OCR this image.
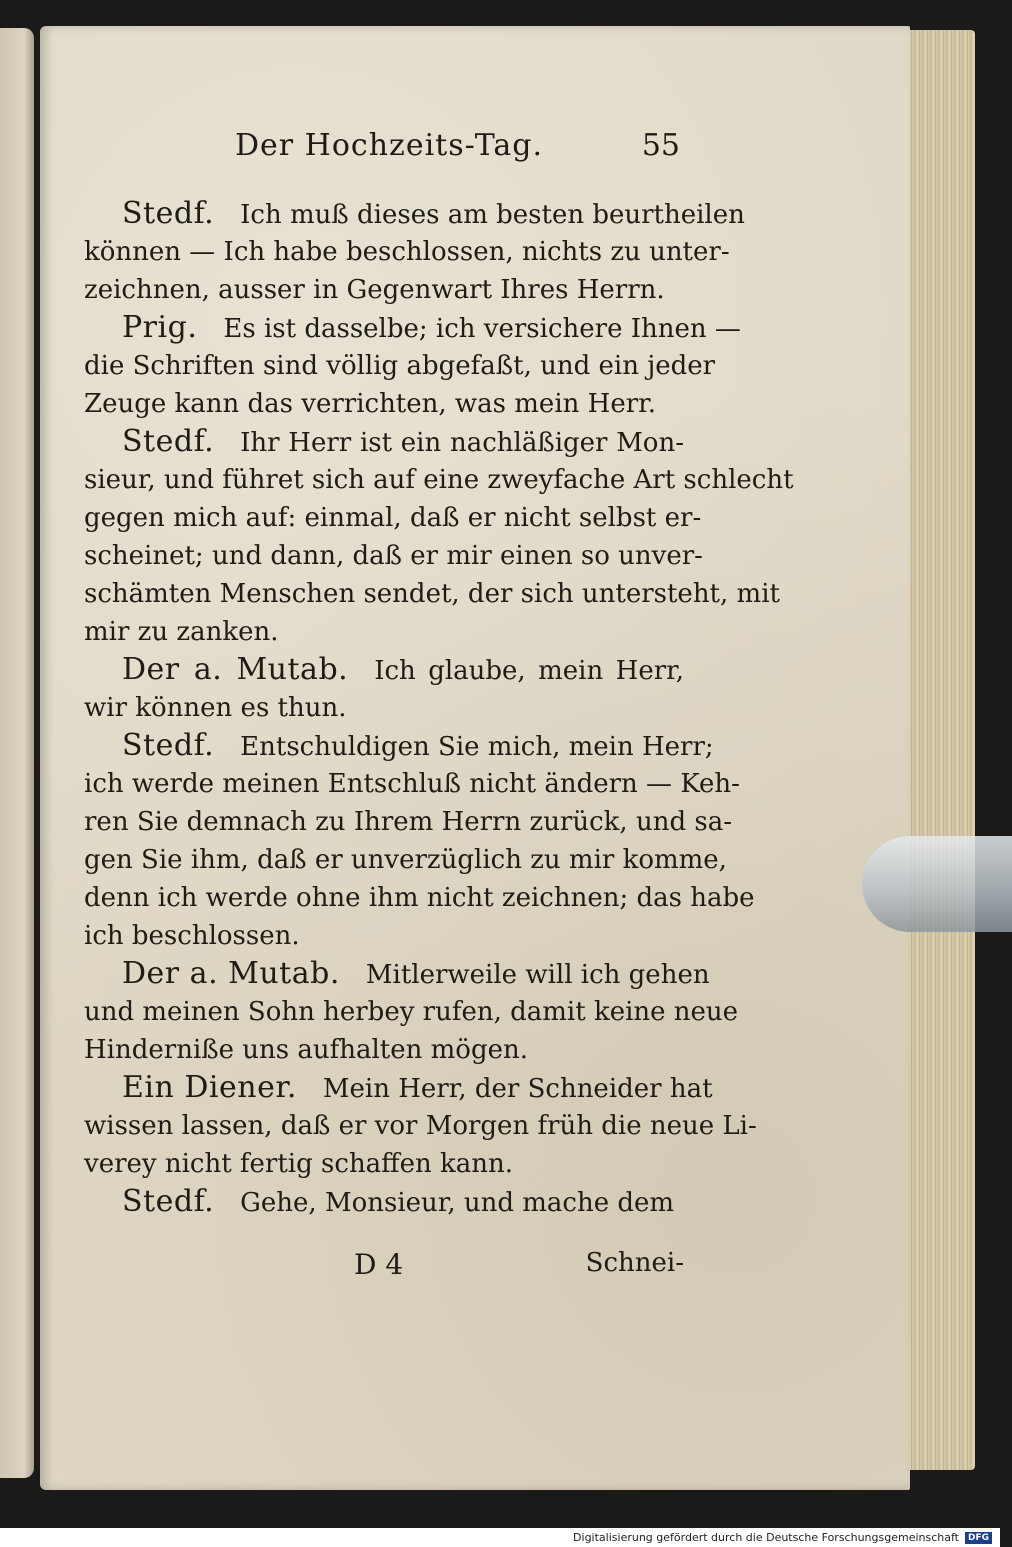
Der Hochzeits-Tag.	55
Stedf.  Ich muß dieses am besten beurtheilen
können — Ich habe beschlossen, nichts zu unter-
zeichnen, ausser in Gegenwart Ihres Herrn.
Prig.  Es ist dasselbe; ich versichere Ihnen —
die Schriften sind völlig abgefaßt, und ein jeder
Zeuge kann das verrichten, was mein Herr.
Stedf.  Ihr Herr ist ein nachläßiger Mon-
sieur, und führet sich auf eine zweyfache Art schlecht
gegen mich auf: einmal, daß er nicht selbst er-
scheinet; und dann, daß er mir einen so unver-
schämten Menschen sendet, der sich untersteht, mit
mir zu zanken.
Der a. Mutab.  Ich glaube, mein Herr,
wir können es thun.
Stedf.  Entschuldigen Sie mich, mein Herr;
ich werde meinen Entschluß nicht ändern — Keh-
ren Sie demnach zu Ihrem Herrn zurück, und sa-
gen Sie ihm, daß er unverzüglich zu mir komme,
denn ich werde ohne ihm nicht zeichnen; das habe
ich beschlossen.
Der a. Mutab.  Mitlerweile will ich gehen
und meinen Sohn herbey rufen, damit keine neue
Hinderniße uns aufhalten mögen.
Ein Diener.  Mein Herr, der Schneider hat
wissen lassen, daß er vor Morgen früh die neue Li-
verey nicht fertig schaffen kann.
Stedf.  Gehe, Monsieur, und mache dem
D 4	Schnei-
Digitalisierung gefördert durch die Deutsche Forschungsgemeinschaft	DFG
